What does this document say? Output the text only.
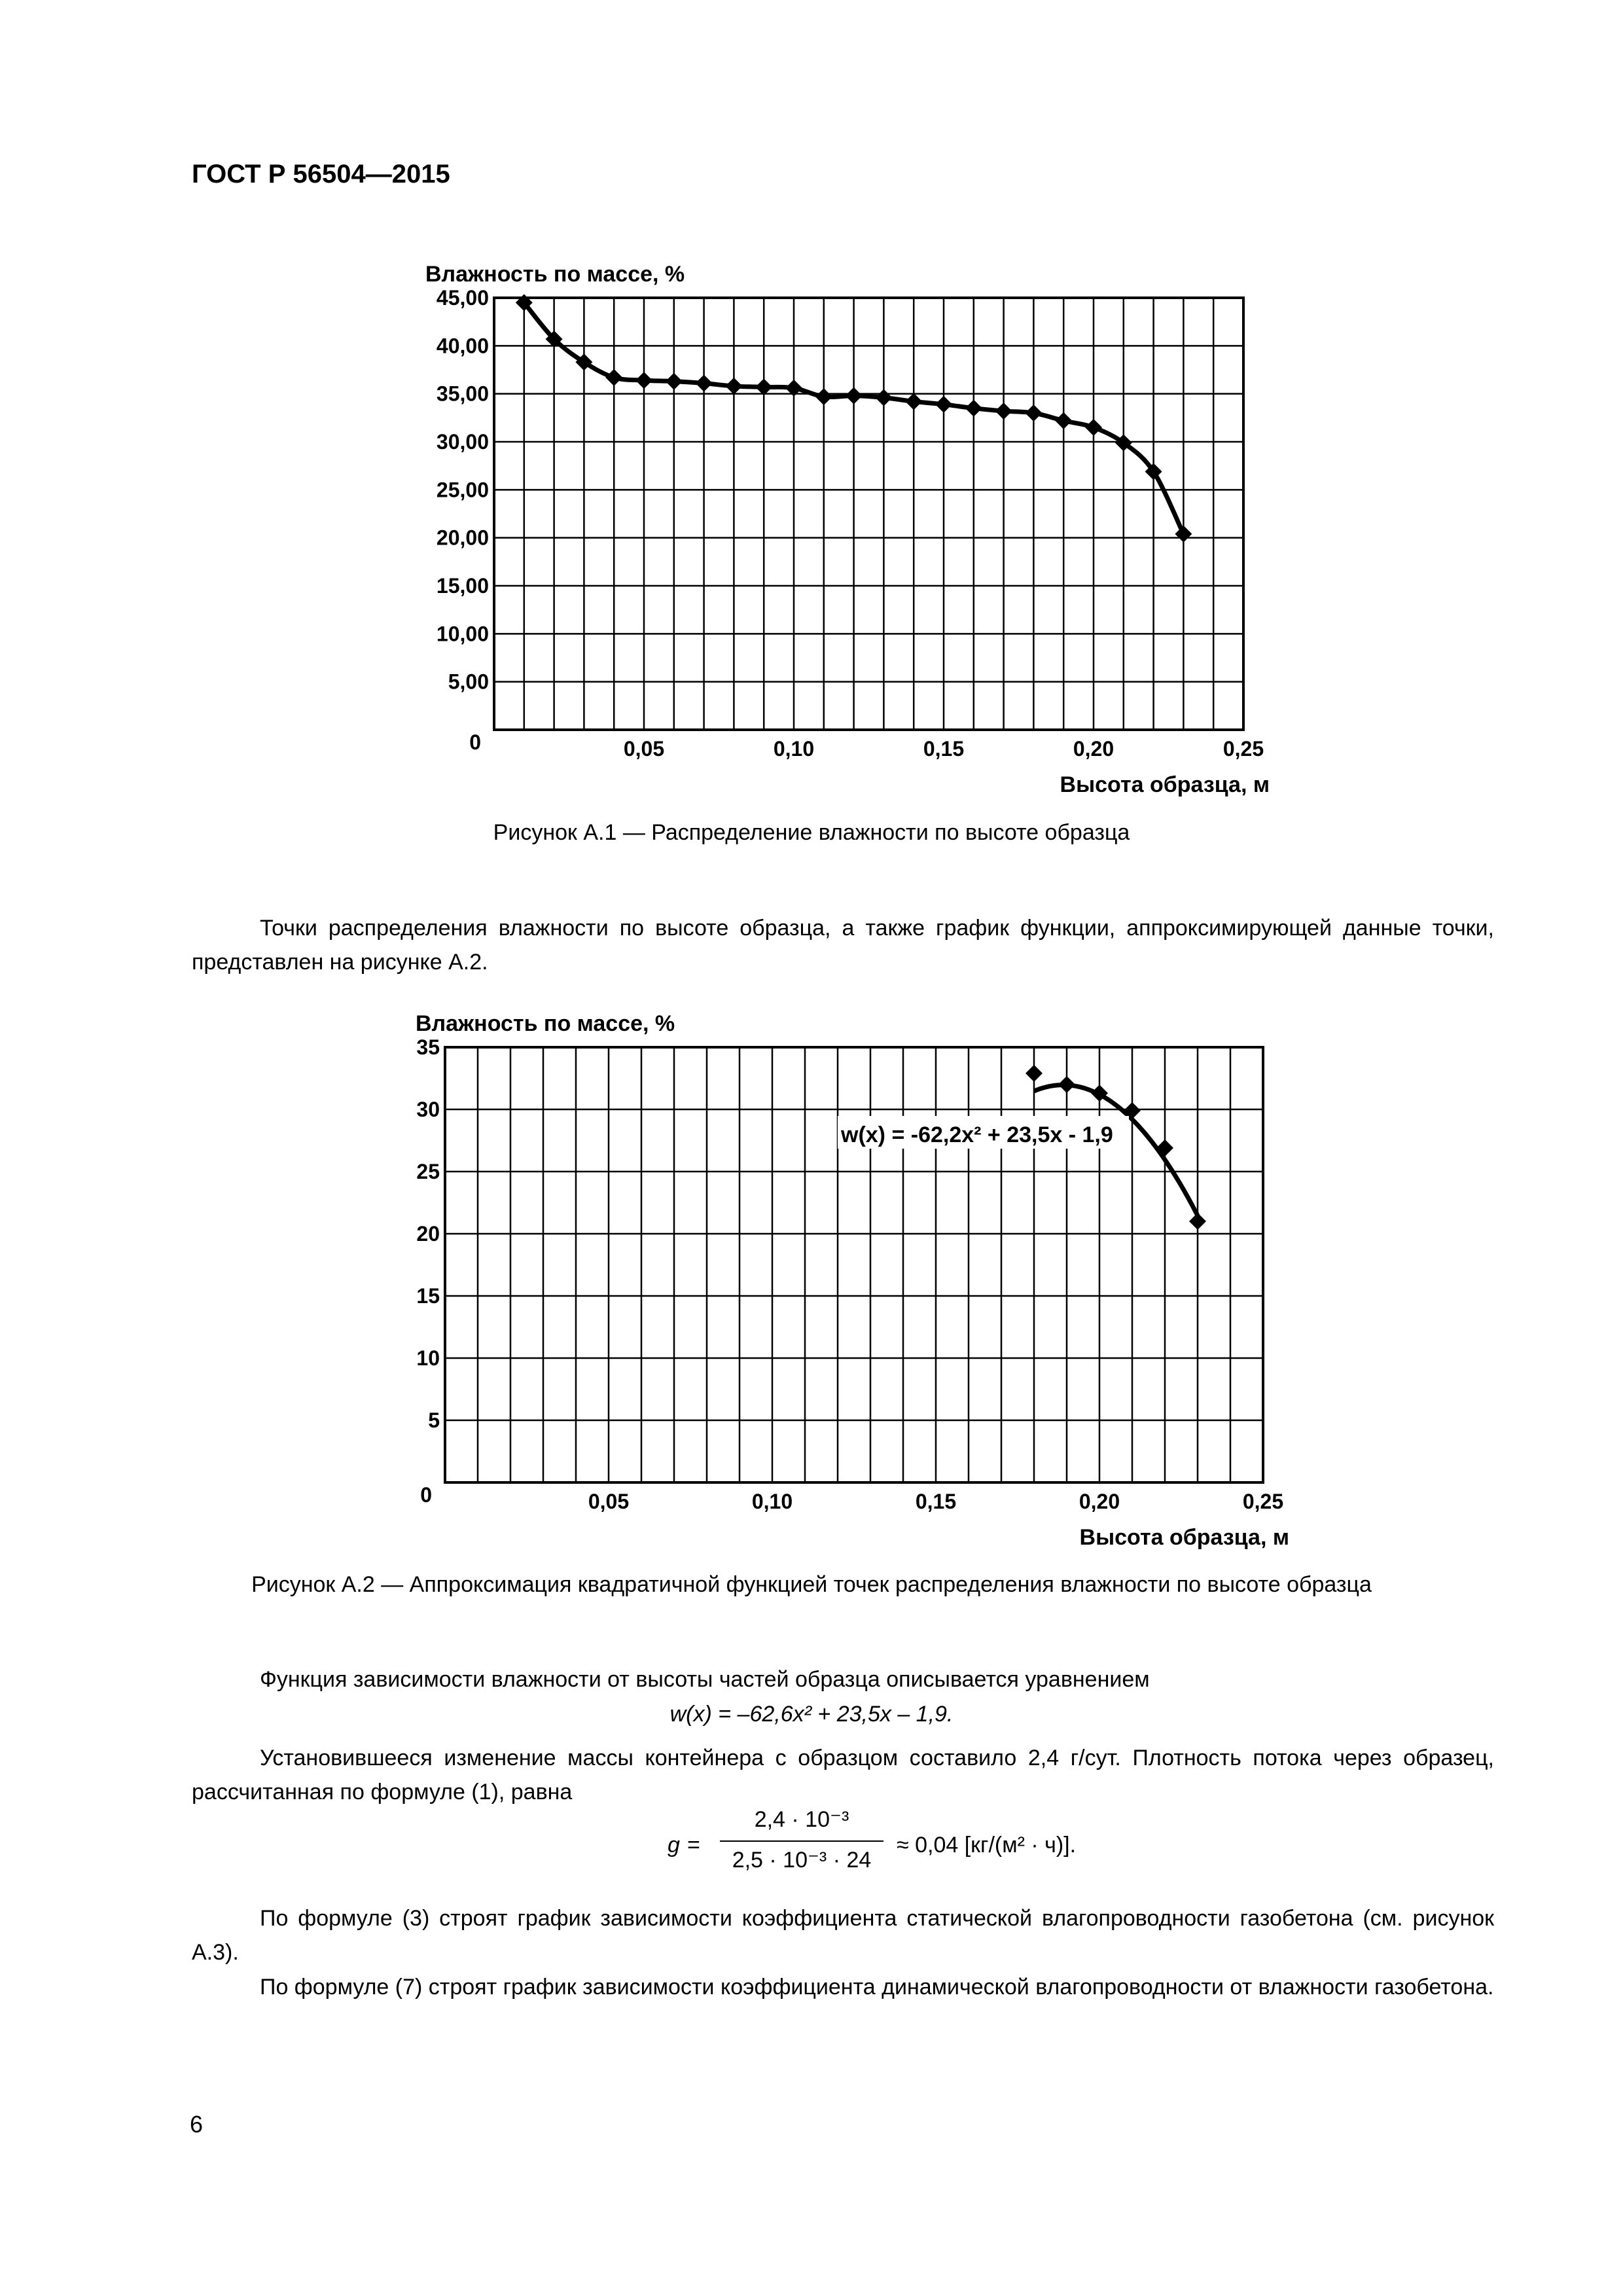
ГОСТ Р 56504—2015
0
5,00
10,00
15,00
20,00
25,00
30,00
35,00
40,00
45,00
0,05	0,10	0,15	0,20	0,25
Влажность по массе, %
Высота образца, м
Рисунок А.1 — Распределение влажности по высоте образца
Точки распределения влажности по высоте образца, а также график функции, аппроксимирующей данные точки, представлен на рисунке А.2.
0
5
10
15
20
25
30
35
0,05	0,10	0,15	0,20	0,25
Влажность по массе, %
Высота образца, м
w(x) = -62,2x² + 23,5x - 1,9
Рисунок А.2 — Аппроксимация квадратичной функцией точек распределения влажности по высоте образца
Функция зависимости влажности от высоты частей образца описывается уравнением
w(x) = –62,6x² + 23,5x – 1,9.
Установившееся изменение массы контейнера с образцом составило 2,4 г/сут. Плотность потока через образец, рассчитанная по формуле (1), равна
g =
2,4 · 10⁻³
2,5 · 10⁻³ · 24
≈ 0,04 [кг/(м² · ч)].
По формуле (3) строят график зависимости коэффициента статической влагопроводности газобетона (см. рисунок А.3).
По формуле (7) строят график зависимости коэффициента динамической влагопроводности от влажности газобетона.
6
